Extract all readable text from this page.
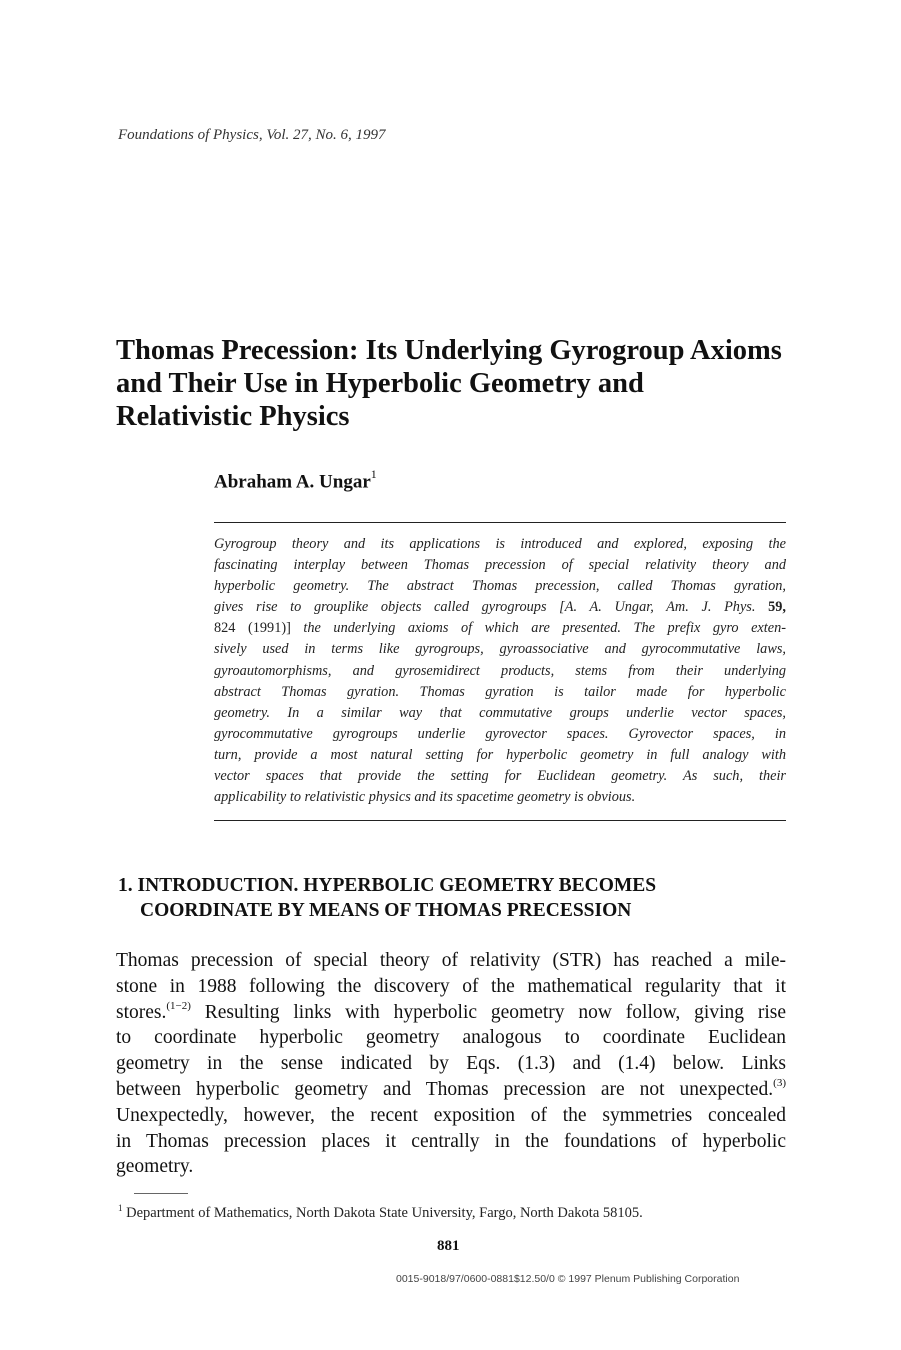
Foundations of Physics, Vol. 27, No. 6, 1997
Thomas Precession: Its Underlying Gyrogroup Axioms
and Their Use in Hyperbolic Geometry and
Relativistic Physics
Abraham A. Ungar$^1$
Gyrogroup theory and its applications is introduced and explored, exposing the
fascinating interplay between Thomas precession of special relativity theory and
hyperbolic geometry. The abstract Thomas precession, called Thomas gyration,
gives rise to grouplike objects called gyrogroups [A. A. Ungar, Am. J. Phys. 59,
824 (1991)] the underlying axioms of which are presented. The prefix gyro exten-
sively used in terms like gyrogroups, gyroassociative and gyrocommutative laws,
gyroautomorphisms, and gyrosemidirect products, stems from their underlying
abstract Thomas gyration. Thomas gyration is tailor made for hyperbolic
geometry. In a similar way that commutative groups underlie vector spaces,
gyrocommutative gyrogroups underlie gyrovector spaces. Gyrovector spaces, in
turn, provide a most natural setting for hyperbolic geometry in full analogy with
vector spaces that provide the setting for Euclidean geometry. As such, their
applicability to relativistic physics and its spacetime geometry is obvious.
1. INTRODUCTION. HYPERBOLIC GEOMETRY BECOMES
COORDINATE BY MEANS OF THOMAS PRECESSION
Thomas precession of special theory of relativity (STR) has reached a mile-
stone in 1988 following the discovery of the mathematical regularity that it
stores.$^{(1-2)}$ Resulting links with hyperbolic geometry now follow, giving rise
to coordinate hyperbolic geometry analogous to coordinate Euclidean
geometry in the sense indicated by Eqs. (1.3) and (1.4) below. Links
between hyperbolic geometry and Thomas precession are not unexpected.$^{(3)}$
Unexpectedly, however, the recent exposition of the symmetries concealed
in Thomas precession places it centrally in the foundations of hyperbolic
geometry.
$^1$ Department of Mathematics, North Dakota State University, Fargo, North Dakota 58105.
881
0015-9018/97/0600-0881$12.50/0 © 1997 Plenum Publishing Corporation
